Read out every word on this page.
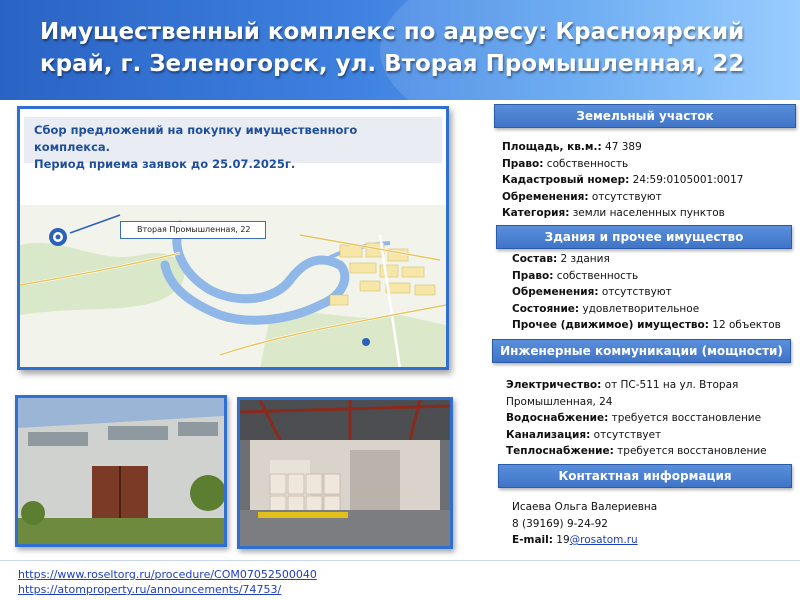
Имущественный комплекс по адресу: Красноярский край, г. Зеленогорск, ул. Вторая Промышленная, 22
Сбор предложений на покупку имущественного комплекса.
Период приема заявок до 25.07.2025г.
Вторая Промышленная, 22
Земельный участок
Площадь, кв.м.: 47 389
Право: собственность
Кадастровый номер: 24:59:0105001:0017
Обременения: отсутствуют
Категория: земли населенных пунктов
Здания и прочее имущество
Состав: 2 здания
Право: собственность
Обременения: отсутствуют
Состояние: удовлетворительное
Прочее (движимое) имущество: 12 объектов
Инженерные коммуникации (мощности)
Электричество: от ПС-511 на ул. Вторая Промышленная, 24
Водоснабжение: требуется восстановление
Канализация: отсутствует
Теплоснабжение: требуется восстановление
Контактная информация
Исаева Ольга Валериевна
8 (39169) 9-24-92
E-mail: 19@rosatom.ru
https://www.roseltorg.ru/procedure/COM07052500040
https://atomproperty.ru/announcements/74753/
